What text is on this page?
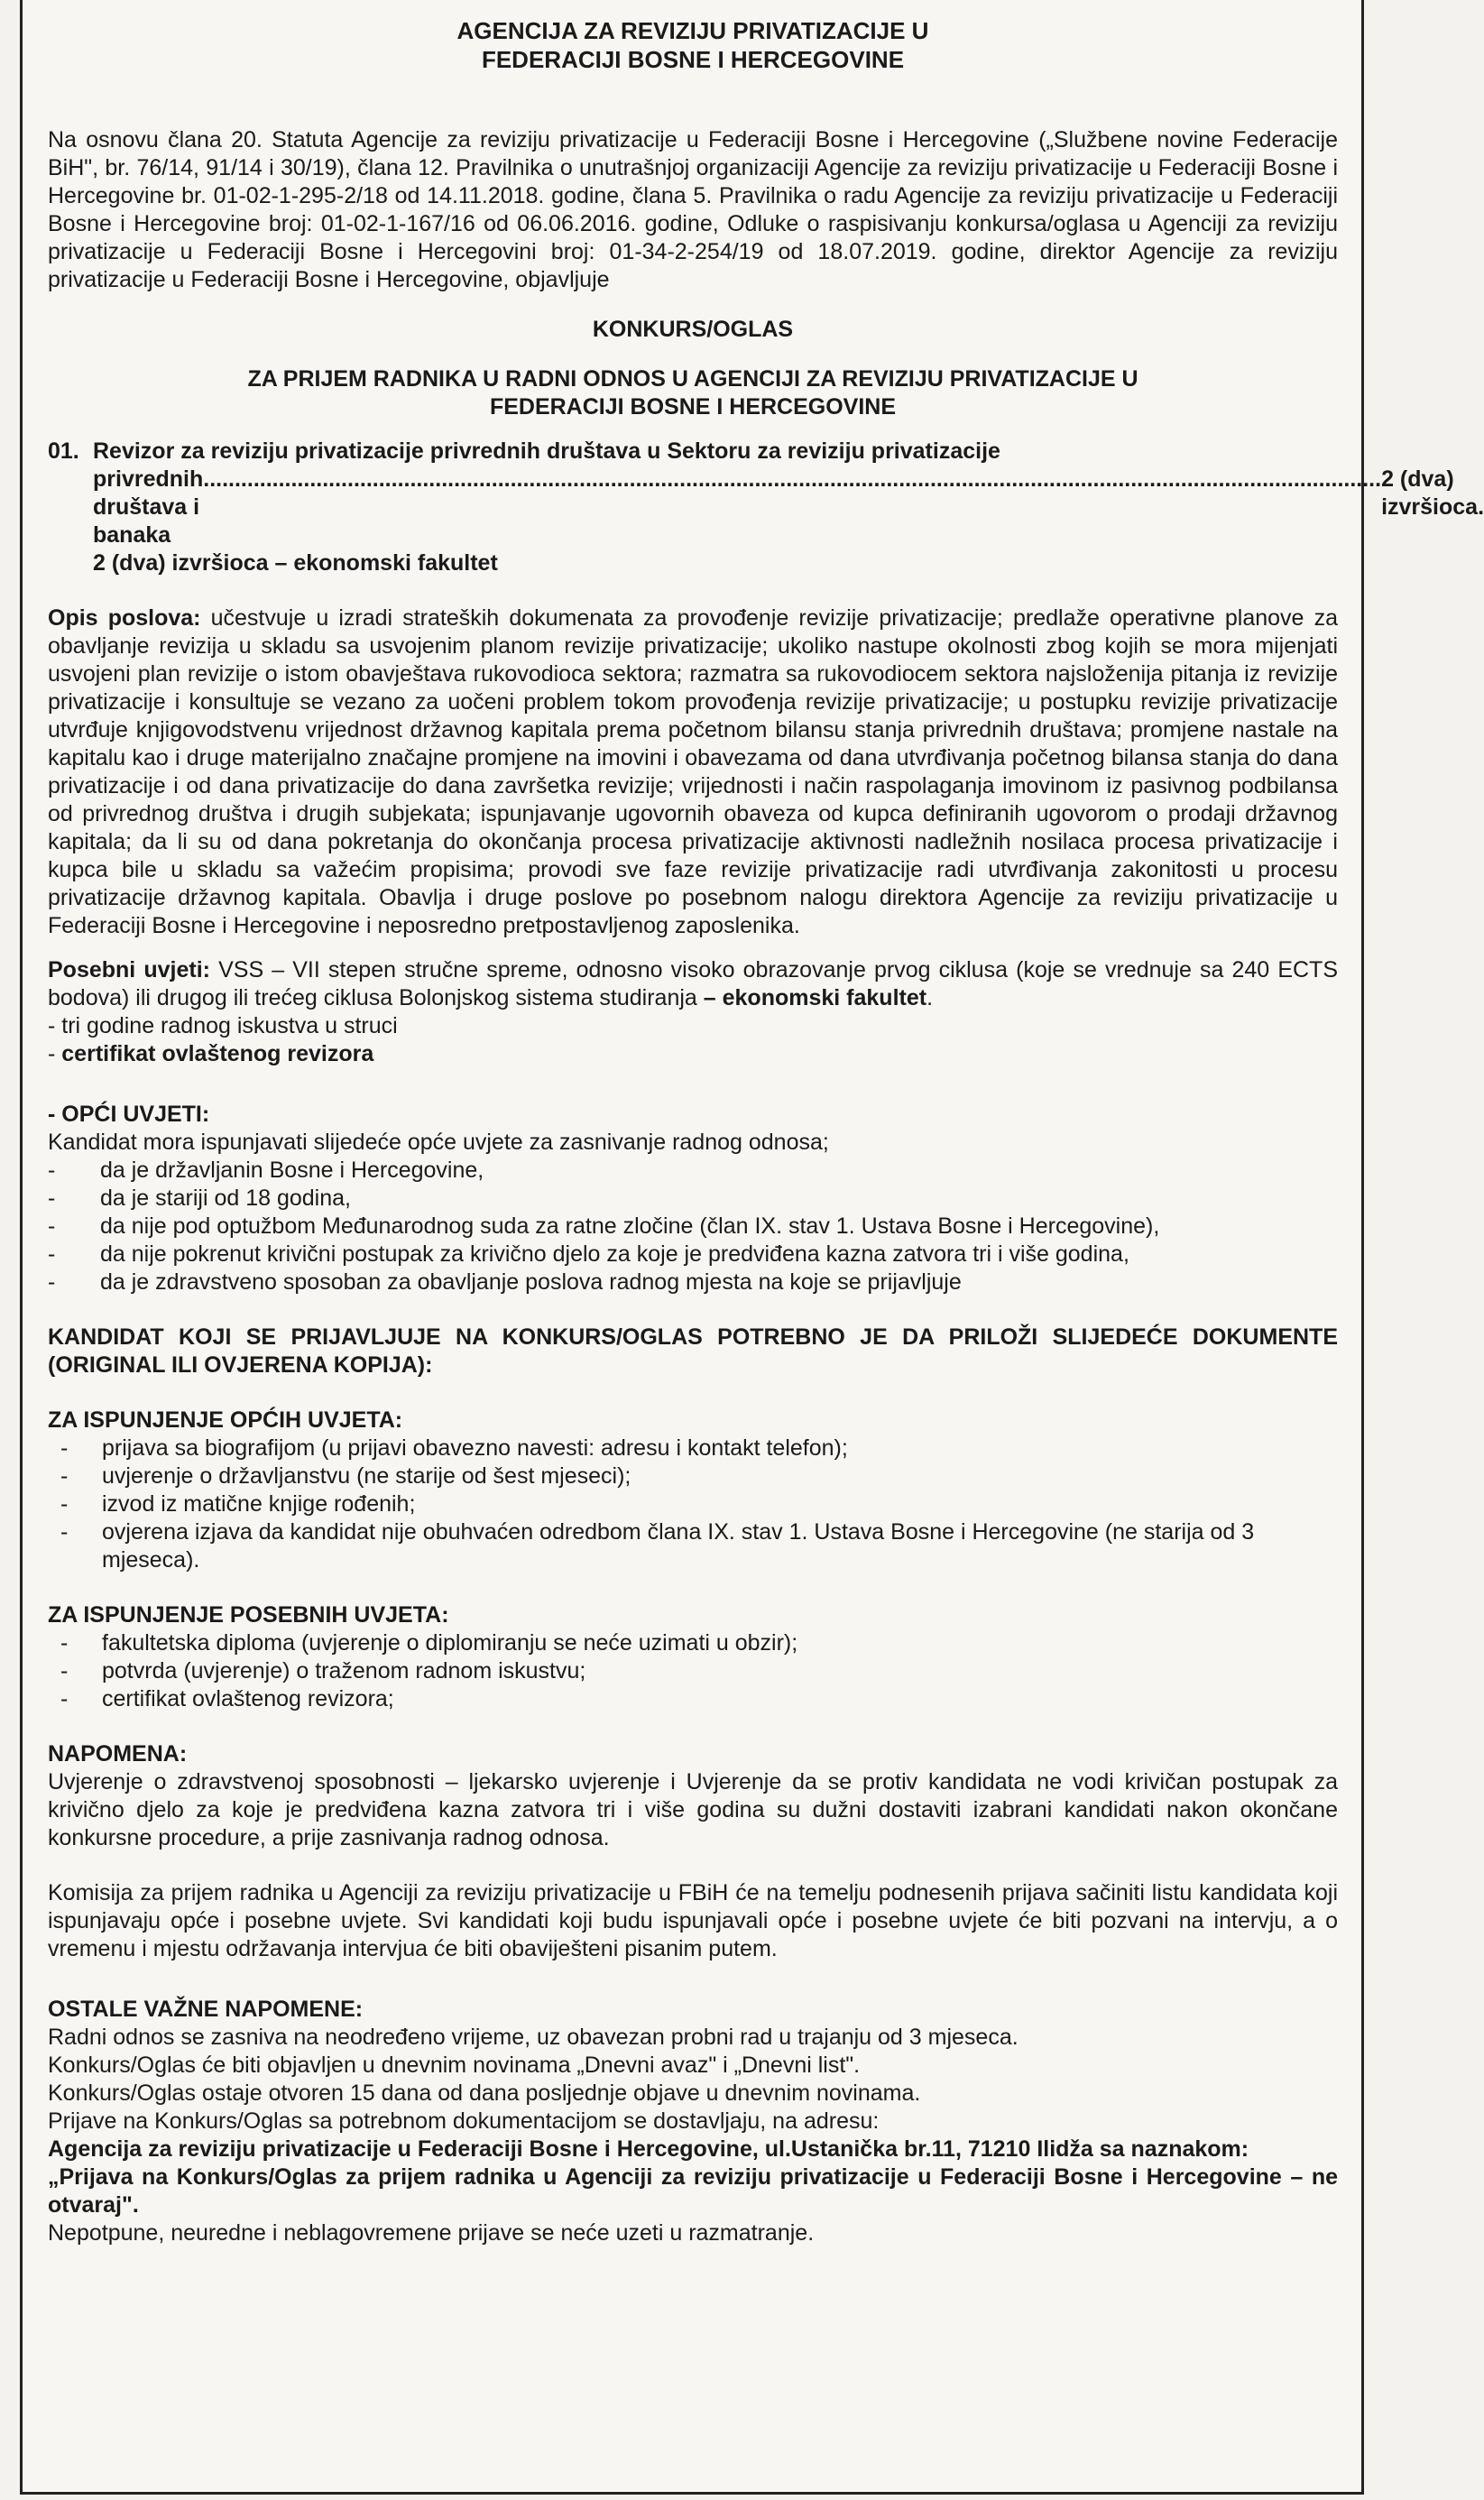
AGENCIJA ZA REVIZIJU PRIVATIZACIJE U

FEDERACIJI BOSNE I HERCEGOVINE

Na osnovu člana 20. Statuta Agencije za reviziju privatizacije u Federaciji Bosne i Hercegovine („Službene novine Federacije BiH", br. 76/14, 91/14 i 30/19), člana 12. Pravilnika o unutrašnjoj organizaciji Agencije za reviziju privatizacije u Federaciji Bosne i Hercegovine br. 01-02-1-295-2/18 od 14.11.2018. godine, člana 5. Pravilnika o radu Agencije za reviziju privatizacije u Federaciji Bosne i Hercegovine broj: 01-02-1-167/16 od 06.06.2016. godine, Odluke o raspisivanju konkursa/oglasa u Agenciji za reviziju privatizacije u Federaciji Bosne i Hercegovini broj: 01-34-2-254/19 od 18.07.2019. godine, direktor Agencije za reviziju privatizacije u Federaciji Bosne i Hercegovine, objavljuje

KONKURS/OGLAS

ZA PRIJEM RADNIKA U RADNI ODNOS U AGENCIJI ZA REVIZIJU PRIVATIZACIJE U

FEDERACIJI BOSNE I HERCEGOVINE

01. Revizor za reviziju privatizacije privrednih društava u Sektoru za reviziju privatizacije

privrednih društava i banaka
.....
2 (dva) izvršioca.

2 (dva) izvršioca – ekonomski fakultet

Opis poslova: učestvuje u izradi strateških dokumenata za provođenje revizije privatizacije; predlaže operativne planove za obavljanje revizija u skladu sa usvojenim planom revizije privatizacije; ukoliko nastupe okolnosti zbog kojih se mora mijenjati usvojeni plan revizije o istom obavještava rukovodioca sektora; razmatra sa rukovodiocem sektora najsloženija pitanja iz revizije privatizacije i konsultuje se vezano za uočeni problem tokom provođenja revizije privatizacije; u postupku revizije privatizacije utvrđuje knjigovodstvenu vrijednost državnog kapitala prema početnom bilansu stanja privrednih društava; promjene nastale na kapitalu kao i druge materijalno značajne promjene na imovini i obavezama od dana utvrđivanja početnog bilansa stanja do dana privatizacije i od dana privatizacije do dana završetka revizije; vrijednosti i način raspolaganja imovinom iz pasivnog podbilansa od privrednog društva i drugih subjekata; ispunjavanje ugovornih obaveza od kupca definiranih ugovorom o prodaji državnog kapitala; da li su od dana pokretanja do okončanja procesa privatizacije aktivnosti nadležnih nosilaca procesa privatizacije i kupca bile u skladu sa važećim propisima; provodi sve faze revizije privatizacije radi utvrđivanja zakonitosti u procesu privatizacije državnog kapitala. Obavlja i druge poslove po posebnom nalogu direktora Agencije za reviziju privatizacije u Federaciji Bosne i Hercegovine i neposredno pretpostavljenog zaposlenika.

Posebni uvjeti: VSS – VII stepen stručne spreme, odnosno visoko obrazovanje prvog ciklusa (koje se vrednuje sa 240 ECTS bodova) ili drugog ili trećeg ciklusa Bolonjskog sistema studiranja – ekonomski fakultet.

- tri godine radnog iskustva u struci

- certifikat ovlaštenog revizora

- OPĆI UVJETI:

Kandidat mora ispunjavati slijedeće opće uvjete za zasnivanje radnog odnosa;

- da je državljanin Bosne i Hercegovine,
- da je stariji od 18 godina,
- da nije pod optužbom Međunarodnog suda za ratne zločine (član IX. stav 1. Ustava Bosne i Hercegovine),
- da nije pokrenut krivični postupak za krivično djelo za koje je predviđena kazna zatvora tri i više godina,
- da je zdravstveno sposoban za obavljanje poslova radnog mjesta na koje se prijavljuje

KANDIDAT KOJI SE PRIJAVLJUJE NA KONKURS/OGLAS POTREBNO JE DA PRILOŽI SLIJEDEĆE DOKUMENTE (ORIGINAL ILI OVJERENA KOPIJA):

ZA ISPUNJENJE OPĆIH UVJETA:

- prijava sa biografijom (u prijavi obavezno navesti: adresu i kontakt telefon);
- uvjerenje o državljanstvu (ne starije od šest mjeseci);
- izvod iz matične knjige rođenih;
- ovjerena izjava da kandidat nije obuhvaćen odredbom člana IX. stav 1. Ustava Bosne i Hercegovine (ne starija od 3 mjeseca).

ZA ISPUNJENJE POSEBNIH UVJETA:

- fakultetska diploma (uvjerenje o diplomiranju se neće uzimati u obzir);
- potvrda (uvjerenje) o traženom radnom iskustvu;
- certifikat ovlaštenog revizora;

NAPOMENA:

Uvjerenje o zdravstvenoj sposobnosti – ljekarsko uvjerenje i Uvjerenje da se protiv kandidata ne vodi krivičan postupak za krivično djelo za koje je predviđena kazna zatvora tri i više godina su dužni dostaviti izabrani kandidati nakon okončane konkursne procedure, a prije zasnivanja radnog odnosa.

Komisija za prijem radnika u Agenciji za reviziju privatizacije u FBiH će na temelju podnesenih prijava sačiniti listu kandidata koji ispunjavaju opće i posebne uvjete. Svi kandidati koji budu ispunjavali opće i posebne uvjete će biti pozvani na intervju, a o vremenu i mjestu održavanja intervjua će biti obaviješteni pisanim putem.

OSTALE VAŽNE NAPOMENE:

Radni odnos se zasniva na neodređeno vrijeme, uz obavezan probni rad u trajanju od 3 mjeseca.

Konkurs/Oglas će biti objavljen u dnevnim novinama „Dnevni avaz" i „Dnevni list".

Konkurs/Oglas ostaje otvoren 15 dana od dana posljednje objave u dnevnim novinama.

Prijave na Konkurs/Oglas sa potrebnom dokumentacijom se dostavljaju, na adresu:

Agencija za reviziju privatizacije u Federaciji Bosne i Hercegovine, ul.Ustanička br.11, 71210 Ilidža sa naznakom:

„Prijava na Konkurs/Oglas za prijem radnika u Agenciji za reviziju privatizacije u Federaciji Bosne i Hercegovine – ne otvaraj".

Nepotpune, neuredne i neblagovremene prijave se neće uzeti u razmatranje.
